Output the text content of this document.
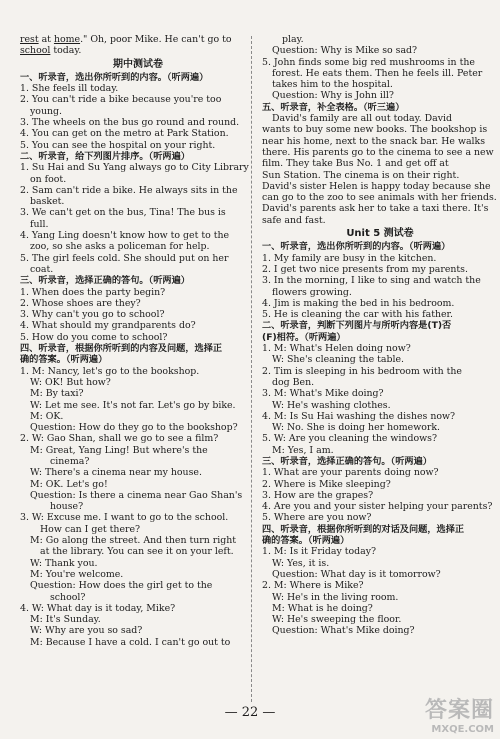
rest at home." Oh, poor Mike. He can't go to
school today.
期中测试卷
一、听录音，选出你所听到的内容。（听两遍）
1. She feels ill today.
2. You can't ride a bike because you're too
young.
3. The wheels on the bus go round and round.
4. You can get on the metro at Park Station.
5. You can see the hospital on your right.
二、听录音，给下列图片排序。（听两遍）
1. Su Hai and Su Yang always go to City Library
on foot.
2. Sam can't ride a bike. He always sits in the
basket.
3. We can't get on the bus, Tina! The bus is
full.
4. Yang Ling doesn't know how to get to the
zoo, so she asks a policeman for help.
5. The girl feels cold. She should put on her
coat.
三、听录音，选择正确的答句。（听两遍）
1. When does the party begin?
2. Whose shoes are they?
3. Why can't you go to school?
4. What should my grandparents do?
5. How do you come to school?
四、听录音，根据你所听到的内容及问题，选择正
确的答案。（听两遍）
1. M: Nancy, let's go to the bookshop.
W: OK! But how?
M: By taxi?
W: Let me see. It's not far. Let's go by bike.
M: OK.
Question: How do they go to the bookshop?
2. W: Gao Shan, shall we go to see a film?
M: Great, Yang Ling! But where's the
cinema?
W: There's a cinema near my house.
M: OK. Let's go!
Question: Is there a cinema near Gao Shan's
house?
3. W: Excuse me. I want to go to the school.
How can I get there?
M: Go along the street. And then turn right
at the library. You can see it on your left.
W: Thank you.
M: You're welcome.
Question: How does the girl get to the
school?
4. W: What day is it today, Mike?
M: It's Sunday.
W: Why are you so sad?
M: Because I have a cold. I can't go out to
play.
Question: Why is Mike so sad?
5. John finds some big red mushrooms in the
forest. He eats them. Then he feels ill. Peter
takes him to the hospital.
Question: Why is John ill?
五、听录音，补全表格。（听三遍）
David's family are all out today. David
wants to buy some new books. The bookshop is
near his home, next to the snack bar. He walks
there. His parents go to the cinema to see a new
film. They take Bus No. 1 and get off at
Sun Station. The cinema is on their right.
David's sister Helen is happy today because she
can go to the zoo to see animals with her friends.
David's parents ask her to take a taxi there. It's
safe and fast.
Unit 5 测试卷
一、听录音，选出你所听到的内容。（听两遍）
1. My family are busy in the kitchen.
2. I get two nice presents from my parents.
3. In the morning, I like to sing and watch the
flowers growing.
4. Jim is making the bed in his bedroom.
5. He is cleaning the car with his father.
二、听录音，判断下列图片与所听内容是(T)否
(F)相符。（听两遍）
1. M: What's Helen doing now?
W: She's cleaning the table.
2. Tim is sleeping in his bedroom with the
dog Ben.
3. M: What's Mike doing?
W: He's washing clothes.
4. M: Is Su Hai washing the dishes now?
W: No. She is doing her homework.
5. W: Are you cleaning the windows?
M: Yes, I am.
三、听录音，选择正确的答句。（听两遍）
1. What are your parents doing now?
2. Where is Mike sleeping?
3. How are the grapes?
4. Are you and your sister helping your parents?
5. Where are you now?
四、听录音，根据你所听到的对话及问题，选择正
确的答案。（听两遍）
1. M: Is it Friday today?
W: Yes, it is.
Question: What day is it tomorrow?
2. M: Where is Mike?
W: He's in the living room.
M: What is he doing?
W: He's sweeping the floor.
Question: What's Mike doing?
— 22 —	答案圈
MXQE.COM
